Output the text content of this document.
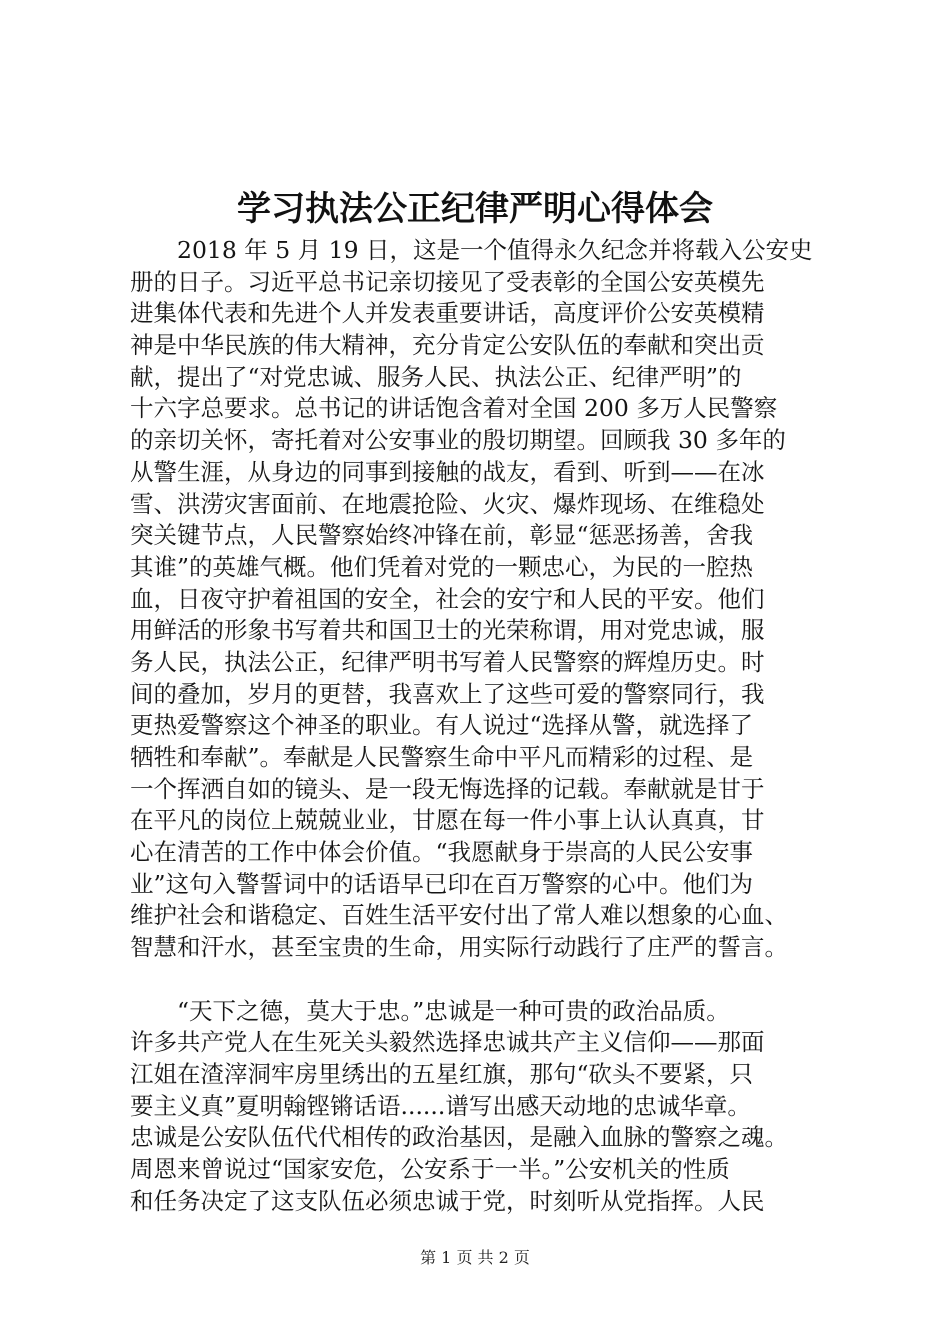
学习执法公正纪律严明心得体会
2018 年 5 月 19 日，这是一个值得永久纪念并将载入公安史
册的日子。习近平总书记亲切接见了受表彰的全国公安英模先
进集体代表和先进个人并发表重要讲话，高度评价公安英模精
神是中华民族的伟大精神，充分肯定公安队伍的奉献和突出贡
献，提出了“对党忠诚、服务人民、执法公正、纪律严明”的
十六字总要求。总书记的讲话饱含着对全国 200 多万人民警察
的亲切关怀，寄托着对公安事业的殷切期望。回顾我 30 多年的
从警生涯，从身边的同事到接触的战友，看到、听到——在冰
雪、洪涝灾害面前、在地震抢险、火灾、爆炸现场、在维稳处
突关键节点，人民警察始终冲锋在前，彰显“惩恶扬善，舍我
其谁”的英雄气概。他们凭着对党的一颗忠心，为民的一腔热
血，日夜守护着祖国的安全，社会的安宁和人民的平安。他们
用鲜活的形象书写着共和国卫士的光荣称谓，用对党忠诚，服
务人民，执法公正，纪律严明书写着人民警察的辉煌历史。时
间的叠加，岁月的更替，我喜欢上了这些可爱的警察同行，我
更热爱警察这个神圣的职业。有人说过“选择从警，就选择了
牺牲和奉献”。奉献是人民警察生命中平凡而精彩的过程、是
一个挥洒自如的镜头、是一段无悔选择的记载。奉献就是甘于
在平凡的岗位上兢兢业业，甘愿在每一件小事上认认真真，甘
心在清苦的工作中体会价值。“我愿献身于崇高的人民公安事
业”这句入警誓词中的话语早已印在百万警察的心中。他们为
维护社会和谐稳定、百姓生活平安付出了常人难以想象的心血、
智慧和汗水，甚至宝贵的生命，用实际行动践行了庄严的誓言。
“天下之德，莫大于忠。”忠诚是一种可贵的政治品质。
许多共产党人在生死关头毅然选择忠诚共产主义信仰——那面
江姐在渣滓洞牢房里绣出的五星红旗，那句“砍头不要紧，只
要主义真”夏明翰铿锵话语......谱写出感天动地的忠诚华章。
忠诚是公安队伍代代相传的政治基因，是融入血脉的警察之魂。
周恩来曾说过“国家安危，公安系于一半。”公安机关的性质
和任务决定了这支队伍必须忠诚于党，时刻听从党指挥。人民
第 1 页 共 2 页
